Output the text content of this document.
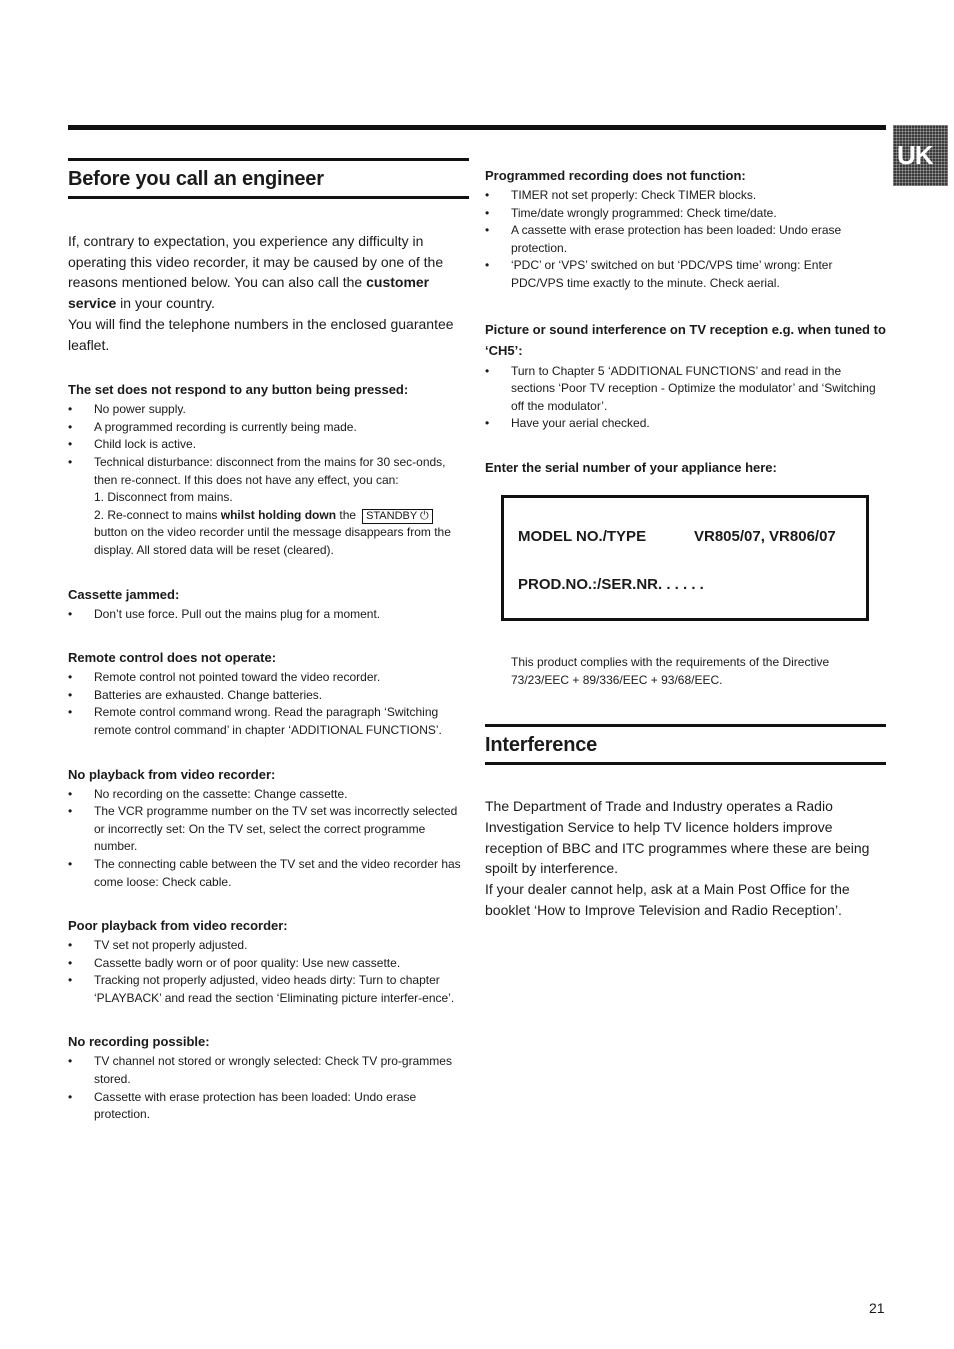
UK
Before you call an engineer

If, contrary to expectation, you experience any difficulty in operating this video recorder, it may be caused by one of the reasons mentioned below. You can also call the customer service in your country.

You will find the telephone numbers in the enclosed guarantee leaflet.

The set does not respond to any button being pressed:
• No power supply.
• A programmed recording is currently being made.
• Child lock is active.
• Technical disturbance: disconnect from the mains for 30 sec-onds, then re-connect. If this does not have any effect, you can:
1. Disconnect from mains.
2. Re-connect to mains whilst holding down the STANDBY ⏻ button on the video recorder until the message disappears from the display. All stored data will be reset (cleared).
Cassette jammed:
• Don’t use force. Pull out the mains plug for a moment.
Remote control does not operate:
• Remote control not pointed toward the video recorder.
• Batteries are exhausted. Change batteries.
• Remote control command wrong. Read the paragraph ‘Switching remote control command’ in chapter ‘ADDITIONAL FUNCTIONS’.
No playback from video recorder:
• No recording on the cassette: Change cassette.
• The VCR programme number on the TV set was incorrectly selected or incorrectly set: On the TV set, select the correct programme number.
• The connecting cable between the TV set and the video recorder has come loose: Check cable.
Poor playback from video recorder:
• TV set not properly adjusted.
• Cassette badly worn or of poor quality: Use new cassette.
• Tracking not properly adjusted, video heads dirty: Turn to chapter ‘PLAYBACK’ and read the section ‘Eliminating picture interfer-ence’.
No recording possible:
• TV channel not stored or wrongly selected: Check TV pro-grammes stored.
• Cassette with erase protection has been loaded: Undo erase protection.
Programmed recording does not function:
• TIMER not set properly: Check TIMER blocks.
• Time/date wrongly programmed: Check time/date.
• A cassette with erase protection has been loaded: Undo erase protection.
• ‘PDC’ or ‘VPS’ switched on but ‘PDC/VPS time’ wrong: Enter PDC/VPS time exactly to the minute. Check aerial.
Picture or sound interference on TV reception e.g. when tuned to ‘CH5’:
• Turn to Chapter 5 ‘ADDITIONAL FUNCTIONS’ and read in the sections ‘Poor TV reception - Optimize the modulator’ and ‘Switching off the modulator’.
• Have your aerial checked.
Enter the serial number of your appliance here:
MODEL NO./TYPE	VR805/07, VR806/07
PROD.NO.:/SER.NR. . . . . .
This product complies with the requirements of the Directive 73/23/EEC + 89/336/EEC + 93/68/EEC.
Interference

The Department of Trade and Industry operates a Radio Investigation Service to help TV licence holders improve reception of BBC and ITC programmes where these are being spoilt by interference.

If your dealer cannot help, ask at a Main Post Office for the booklet ‘How to Improve Television and Radio Reception’.

21
